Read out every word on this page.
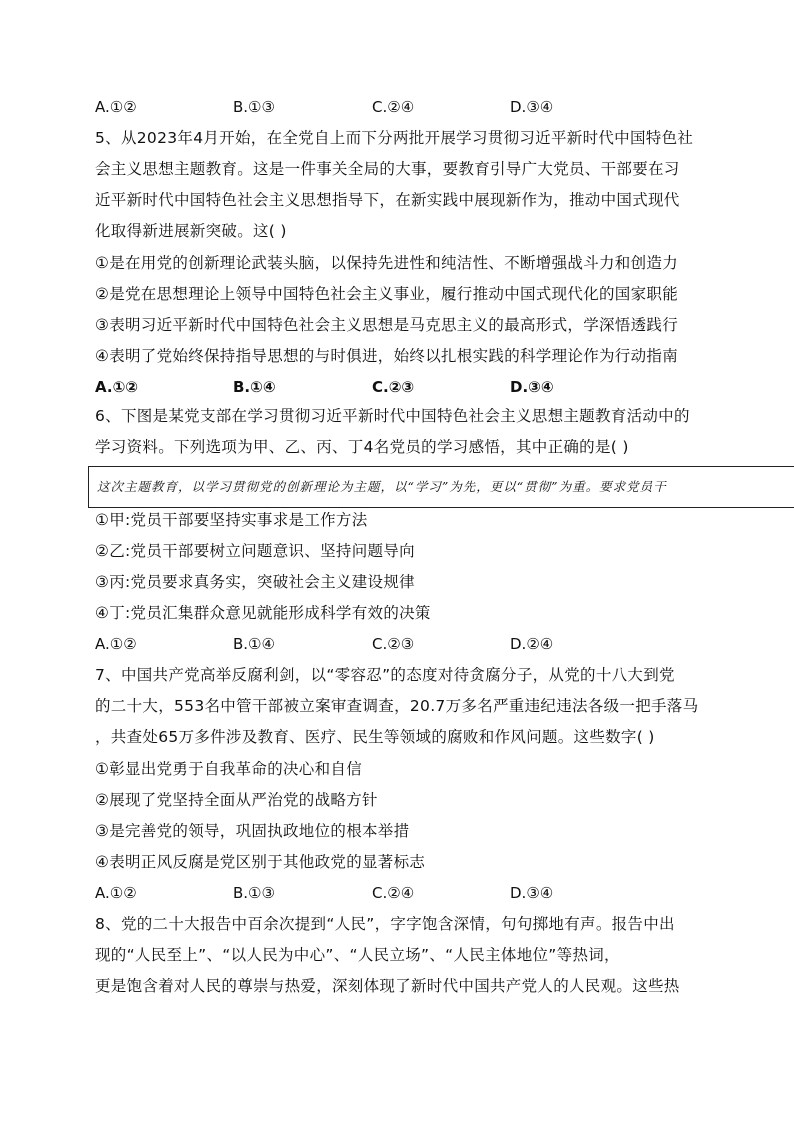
A.①②	B.①③	C.②④	D.③④
5、从2023年4月开始，在全党自上而下分两批开展学习贯彻习近平新时代中国特色社
会主义思想主题教育。这是一件事关全局的大事，要教育引导广大党员、干部要在习
近平新时代中国特色社会主义思想指导下，在新实践中展现新作为，推动中国式现代
化取得新进展新突破。这( )
①是在用党的创新理论武装头脑，以保持先进性和纯洁性、不断增强战斗力和创造力
②是党在思想理论上领导中国特色社会主义事业，履行推动中国式现代化的国家职能
③表明习近平新时代中国特色社会主义思想是马克思主义的最高形式，学深悟透践行
④表明了党始终保持指导思想的与时俱进，始终以扎根实践的科学理论作为行动指南
A.①②	B.①④	C.②③	D.③④
6、下图是某党支部在学习贯彻习近平新时代中国特色社会主义思想主题教育活动中的
学习资料。下列选项为甲、乙、丙、丁4名党员的学习感悟，其中正确的是( )
这次主题教育，以学习贯彻党的创新理论为主题，以“学习”为先，更以“贯彻”为重。要求党员干
①甲:党员干部要坚持实事求是工作方法
②乙:党员干部要树立问题意识、坚持问题导向
③丙:党员要求真务实，突破社会主义建设规律
④丁:党员汇集群众意见就能形成科学有效的决策
A.①②	B.①④	C.②③	D.②④
7、中国共产党高举反腐利剑，以“零容忍”的态度对待贪腐分子，从党的十八大到党
的二十大，553名中管干部被立案审查调查，20.7万多名严重违纪违法各级一把手落马
，共查处65万多件涉及教育、医疗、民生等领域的腐败和作风问题。这些数字( )
①彰显出党勇于自我革命的决心和自信
②展现了党坚持全面从严治党的战略方针
③是完善党的领导，巩固执政地位的根本举措
④表明正风反腐是党区别于其他政党的显著标志
A.①②	B.①③	C.②④	D.③④
8、党的二十大报告中百余次提到“人民”，字字饱含深情，句句掷地有声。报告中出
现的“人民至上”、“以人民为中心”、“人民立场”、“人民主体地位”等热词，
更是饱含着对人民的尊崇与热爱，深刻体现了新时代中国共产党人的人民观。这些热
